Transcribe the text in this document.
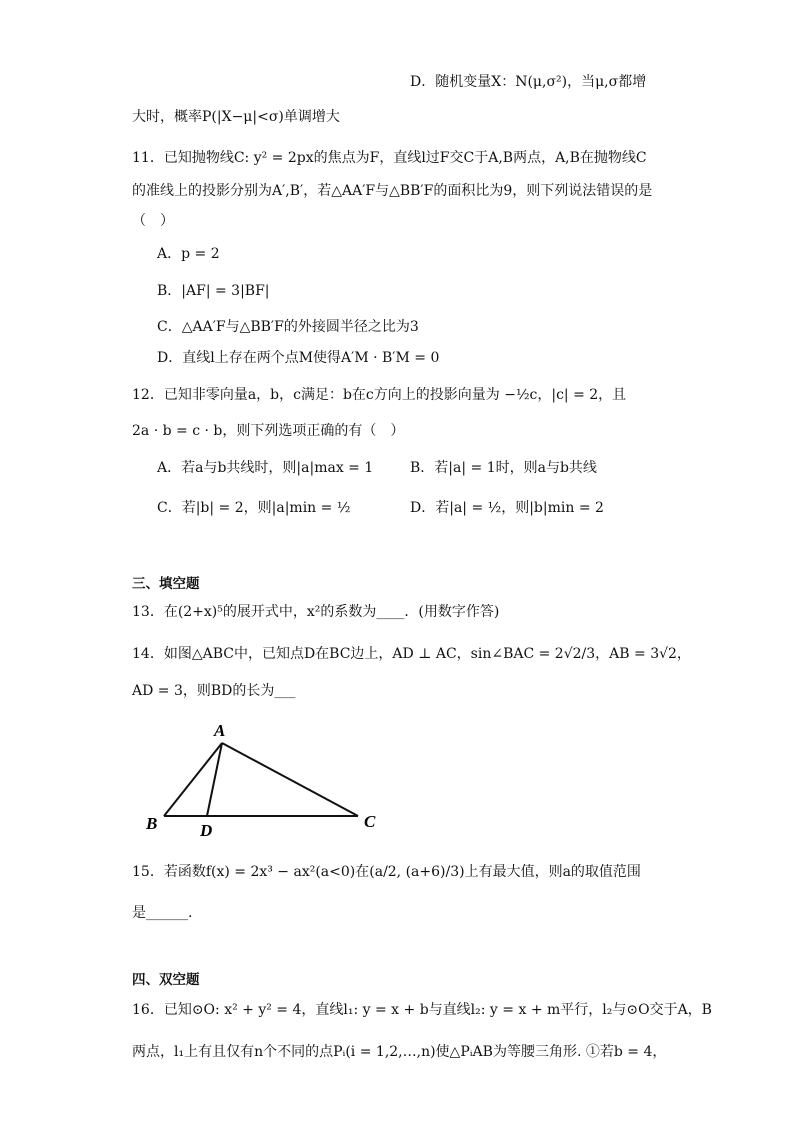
D．随机变量X：N(μ,σ²)，当μ,σ都增
大时，概率P(|X−μ|<σ)单调增大
11．已知抛物线C: y² = 2px的焦点为F，直线l过F交C于A,B两点，A,B在抛物线C
的准线上的投影分别为A′,B′，若△AA′F与△BB′F的面积比为9，则下列说法错误的是
（　）
A．p = 2
B．|AF| = 3|BF|
C．△AA′F与△BB′F的外接圆半径之比为3
D．直线l上存在两个点M使得A′M · B′M = 0
12．已知非零向量a，b，c满足：b在c方向上的投影向量为 −½c，|c| = 2，且
2a · b = c · b，则下列选项正确的有（　）
A．若a与b共线时，则|a|max = 1	B．若|a| = 1时，则a与b共线
C．若|b| = 2，则|a|min = ½	D．若|a| = ½，则|b|min = 2
13．在(2+x)⁵的展开式中，x²的系数为____．(用数字作答)
14．如图△ABC中，已知点D在BC边上，AD ⊥ AC，sin∠BAC = 2√2/3，AB = 3√2，
AD = 3，则BD的长为___
15．若函数f(x) = 2x³ − ax²(a<0)在(a/2, (a+6)/3)上有最大值，则a的取值范围
是______.
16．已知⊙O: x² + y² = 4，直线l₁: y = x + b与直线l₂: y = x + m平行，l₂与⊙O交于A，B
两点，l₁上有且仅有n个不同的点Pᵢ(i = 1,2,…,n)使△PᵢAB为等腰三角形. ①若b = 4，
三、填空题
四、双空题
A
B	C
D
